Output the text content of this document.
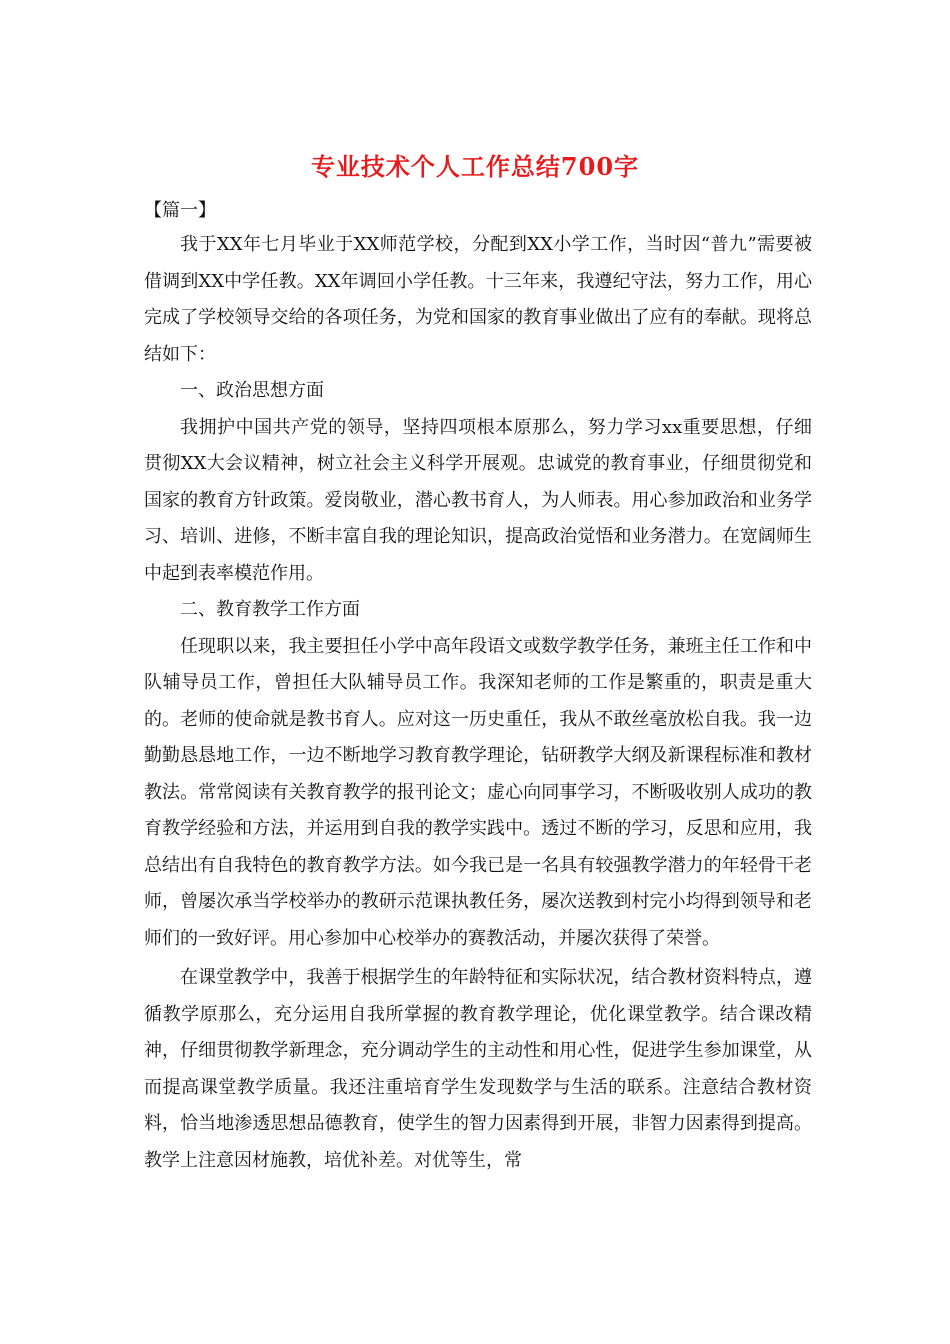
专业技术个人工作总结700字
【篇一】

我于XX年七月毕业于XX师范学校，分配到XX小学工作，当时因“普九”需要被借调到XX中学任教。XX年调回小学任教。十三年来，我遵纪守法，努力工作，用心完成了学校领导交给的各项任务，为党和国家的教育事业做出了应有的奉献。现将总结如下：

一、政治思想方面

我拥护中国共产党的领导，坚持四项根本原那么，努力学习xx重要思想，仔细贯彻XX大会议精神，树立社会主义科学开展观。忠诚党的教育事业，仔细贯彻党和国家的教育方针政策。爱岗敬业，潜心教书育人，为人师表。用心参加政治和业务学习、培训、进修，不断丰富自我的理论知识，提高政治觉悟和业务潜力。在宽阔师生中起到表率模范作用。

二、教育教学工作方面

任现职以来，我主要担任小学中高年段语文或数学教学任务，兼班主任工作和中队辅导员工作，曾担任大队辅导员工作。我深知老师的工作是繁重的，职责是重大的。老师的使命就是教书育人。应对这一历史重任，我从不敢丝毫放松自我。我一边勤勤恳恳地工作，一边不断地学习教育教学理论，钻研教学大纲及新课程标准和教材教法。常常阅读有关教育教学的报刊论文；虚心向同事学习，不断吸收别人成功的教育教学经验和方法，并运用到自我的教学实践中。透过不断的学习，反思和应用，我总结出有自我特色的教育教学方法。如今我已是一名具有较强教学潜力的年轻骨干老师，曾屡次承当学校举办的教研示范课执教任务，屡次送教到村完小均得到领导和老师们的一致好评。用心参加中心校举办的赛教活动，并屡次获得了荣誉。

在课堂教学中，我善于根据学生的年龄特征和实际状况，结合教材资料特点，遵循教学原那么，充分运用自我所掌握的教育教学理论，优化课堂教学。结合课改精神，仔细贯彻教学新理念，充分调动学生的主动性和用心性，促进学生参加课堂，从而提高课堂教学质量。我还注重培育学生发现数学与生活的联系。注意结合教材资料，恰当地渗透思想品德教育，使学生的智力因素得到开展，非智力因素得到提高。教学上注意因材施教，培优补差。对优等生，常
